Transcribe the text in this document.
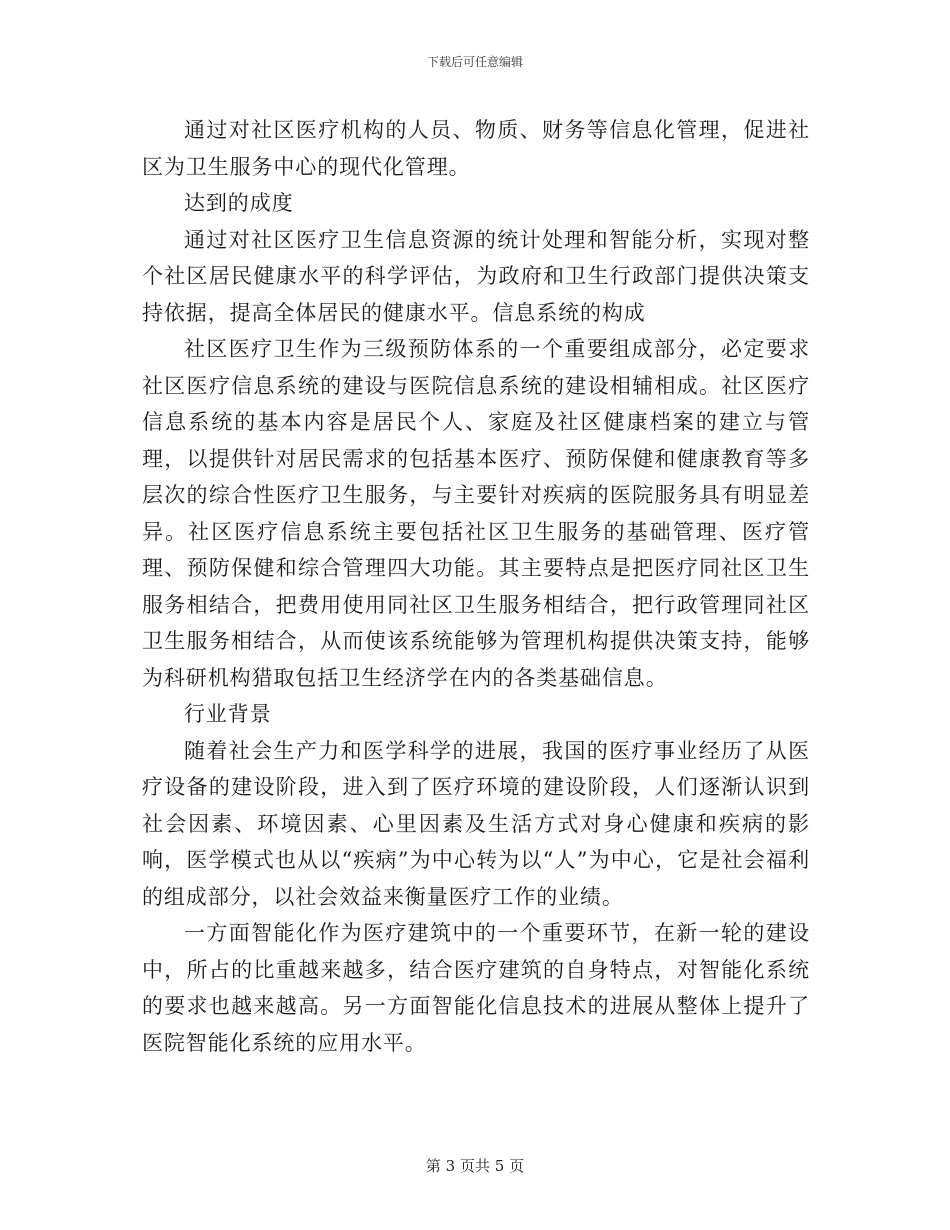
下载后可任意编辑

通过对社区医疗机构的人员、物质、财务等信息化管理，促进社区为卫生服务中心的现代化管理。

达到的成度

通过对社区医疗卫生信息资源的统计处理和智能分析，实现对整个社区居民健康水平的科学评估，为政府和卫生行政部门提供决策支持依据，提高全体居民的健康水平。信息系统的构成

社区医疗卫生作为三级预防体系的一个重要组成部分，必定要求社区医疗信息系统的建设与医院信息系统的建设相辅相成。社区医疗信息系统的基本内容是居民个人、家庭及社区健康档案的建立与管理，以提供针对居民需求的包括基本医疗、预防保健和健康教育等多层次的综合性医疗卫生服务，与主要针对疾病的医院服务具有明显差异。社区医疗信息系统主要包括社区卫生服务的基础管理、医疗管理、预防保健和综合管理四大功能。其主要特点是把医疗同社区卫生服务相结合，把费用使用同社区卫生服务相结合，把行政管理同社区卫生服务相结合，从而使该系统能够为管理机构提供决策支持，能够为科研机构猎取包括卫生经济学在内的各类基础信息。

行业背景

随着社会生产力和医学科学的进展，我国的医疗事业经历了从医疗设备的建设阶段，进入到了医疗环境的建设阶段，人们逐渐认识到社会因素、环境因素、心里因素及生活方式对身心健康和疾病的影响，医学模式也从以“疾病”为中心转为以“人”为中心，它是社会福利的组成部分，以社会效益来衡量医疗工作的业绩。

一方面智能化作为医疗建筑中的一个重要环节，在新一轮的建设中，所占的比重越来越多，结合医疗建筑的自身特点，对智能化系统的要求也越来越高。另一方面智能化信息技术的进展从整体上提升了医院智能化系统的应用水平。

第 3 页共 5 页
